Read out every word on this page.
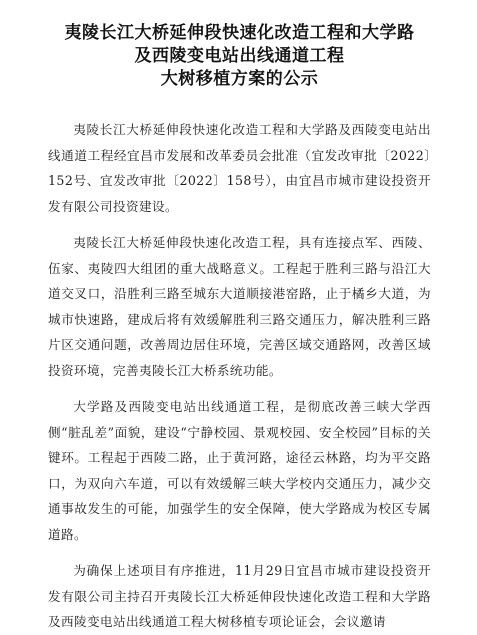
夷陵长江大桥延伸段快速化改造工程和大学路
及西陵变电站出线通道工程
大树移植方案的公示

夷陵长江大桥延伸段快速化改造工程和大学路及西陵变电站出线通道工程经宜昌市发展和改革委员会批准（宜发改审批〔2022〕152号、宜发改审批〔2022〕158号），由宜昌市城市建设投资开发有限公司投资建设。

夷陵长江大桥延伸段快速化改造工程，具有连接点军、西陵、伍家、夷陵四大组团的重大战略意义。工程起于胜利三路与沿江大道交叉口，沿胜利三路至城东大道顺接港窑路，止于橘乡大道，为城市快速路，建成后将有效缓解胜利三路交通压力，解决胜利三路片区交通问题，改善周边居住环境，完善区域交通路网，改善区域投资环境，完善夷陵长江大桥系统功能。

大学路及西陵变电站出线通道工程，是彻底改善三峡大学西侧“脏乱差”面貌，建设“宁静校园、景观校园、安全校园”目标的关键环。工程起于西陵二路，止于黄河路，途径云林路，均为平交路口，为双向六车道，可以有效缓解三峡大学校内交通压力，减少交通事故发生的可能，加强学生的安全保障，使大学路成为校区专属道路。

为确保上述项目有序推进，11月29日宜昌市城市建设投资开发有限公司主持召开夷陵长江大桥延伸段快速化改造工程和大学路及西陵变电站出线通道工程大树移植专项论证会，会议邀请
